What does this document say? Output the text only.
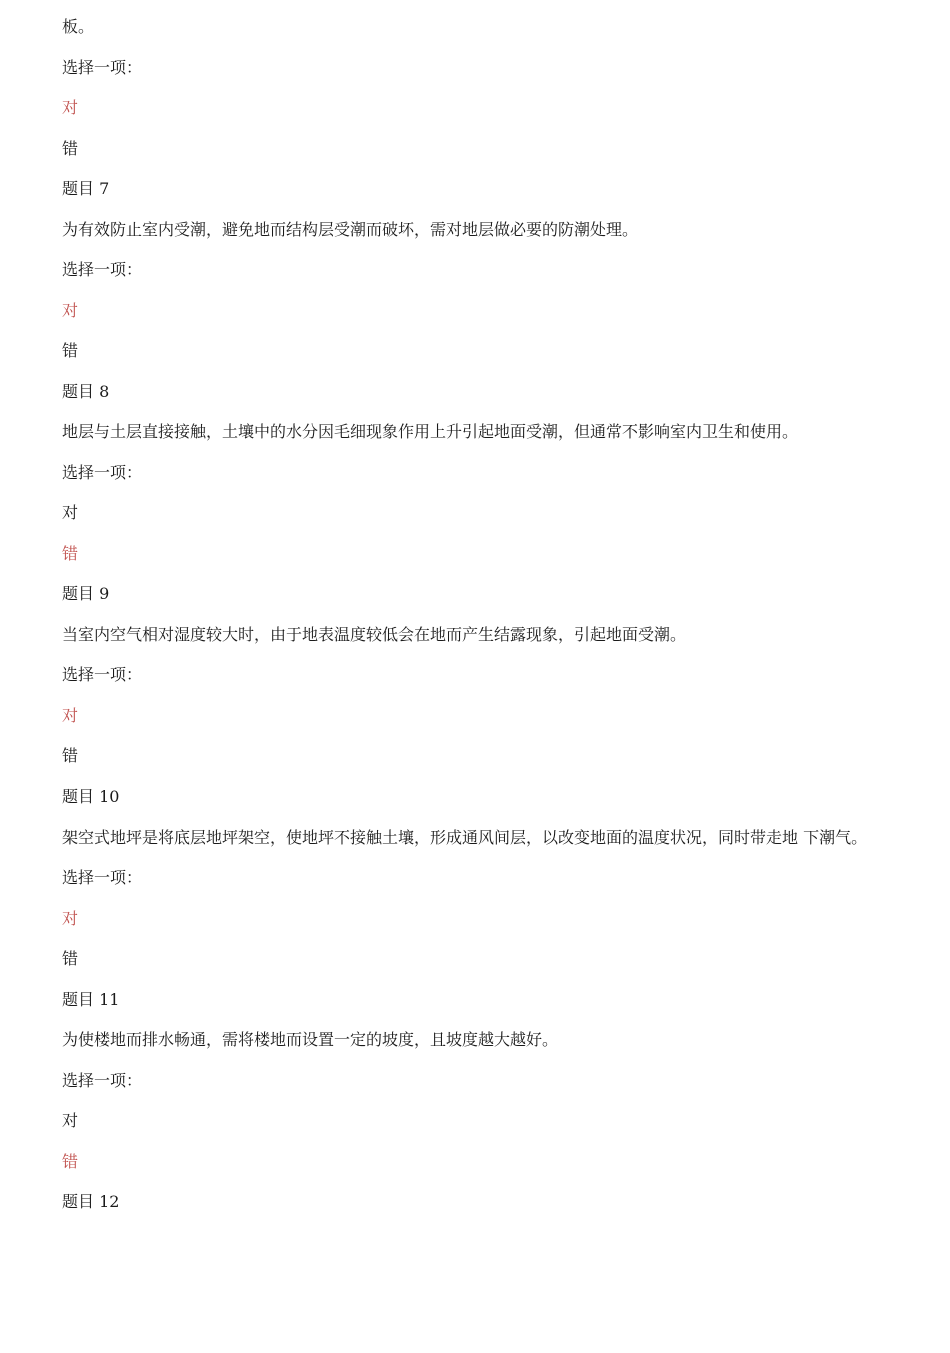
板。
选择一项：
对
错
题目 7
为有效防止室内受潮，避免地而结构层受潮而破坏，需对地层做必要的防潮处理。
选择一项：
对
错
题目 8
地层与土层直接接触，土壤中的水分因毛细现象作用上升引起地面受潮，但通常不影响室内卫生和使用。
选择一项：
对
错
题目 9
当室内空气相对湿度较大时，由于地表温度较低会在地而产生结露现象，引起地面受潮。
选择一项：
对
错
题目 10
架空式地坪是将底层地坪架空，使地坪不接触土壤，形成通风间层，以改变地面的温度状况，同时带走地 下潮气。
选择一项：
对
错
题目 11
为使楼地而排水畅通，需将楼地而设置一定的坡度，且坡度越大越好。
选择一项：
对
错
题目 12
